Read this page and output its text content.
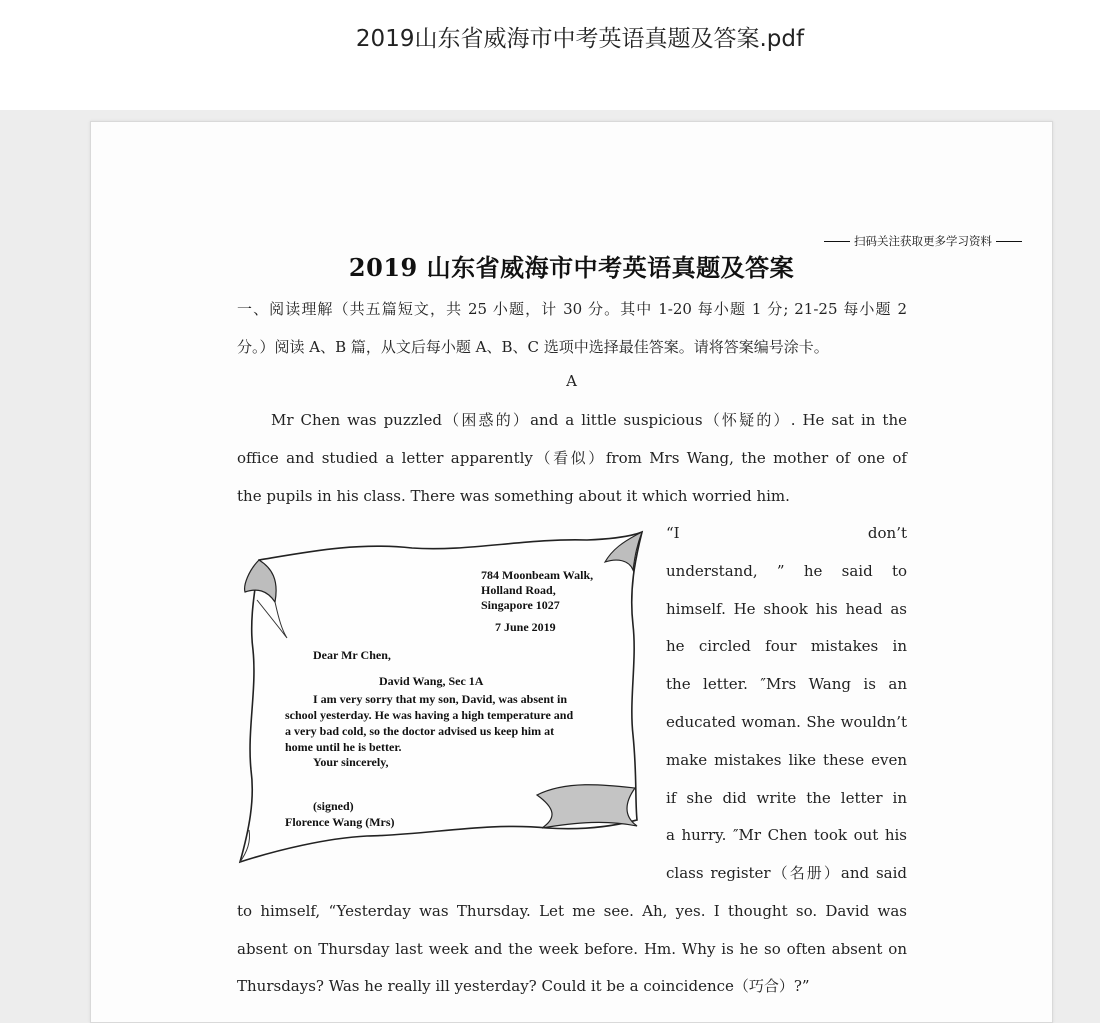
2019山东省威海市中考英语真题及答案.pdf
扫码关注获取更多学习资料
2019 山东省威海市中考英语真题及答案
一、阅读理解（共五篇短文，共 25 小题，计 30 分。其中 1-20 每小题 1 分; 21-25 每小题 2
分。）阅读 A、B 篇，从文后每小题 A、B、C 选项中选择最佳答案。请将答案编号涂卡。
A
Mr Chen was puzzled（困惑的）and a little suspicious（怀疑的）. He sat in the
office and studied a letter apparently（看似）from Mrs Wang, the mother of one of
the pupils in his class. There was something about it which worried him.
784 Moonbeam Walk,
Holland Road,
Singapore 1027
7 June 2019
Dear Mr Chen,
David Wang, Sec 1A
I am very sorry that my son, David, was absent in
school yesterday. He was having a high temperature and
a very bad cold, so the doctor advised us keep him at
home until he is better.
Your sincerely,
(signed)
Florence Wang (Mrs)
“I don’t
understand, ” he said to
himself. He shook his head as
he circled four mistakes in
the letter. ″Mrs Wang is an
educated woman. She wouldn’t
make mistakes like these even
if she did write the letter in
a hurry. ″Mr Chen took out his
class register（名册）and said
to himself, “Yesterday was Thursday. Let me see. Ah, yes. I thought so. David was
absent on Thursday last week and the week before. Hm. Why is he so often absent on
Thursdays? Was he really ill yesterday? Could it be a coincidence（巧合）?”
